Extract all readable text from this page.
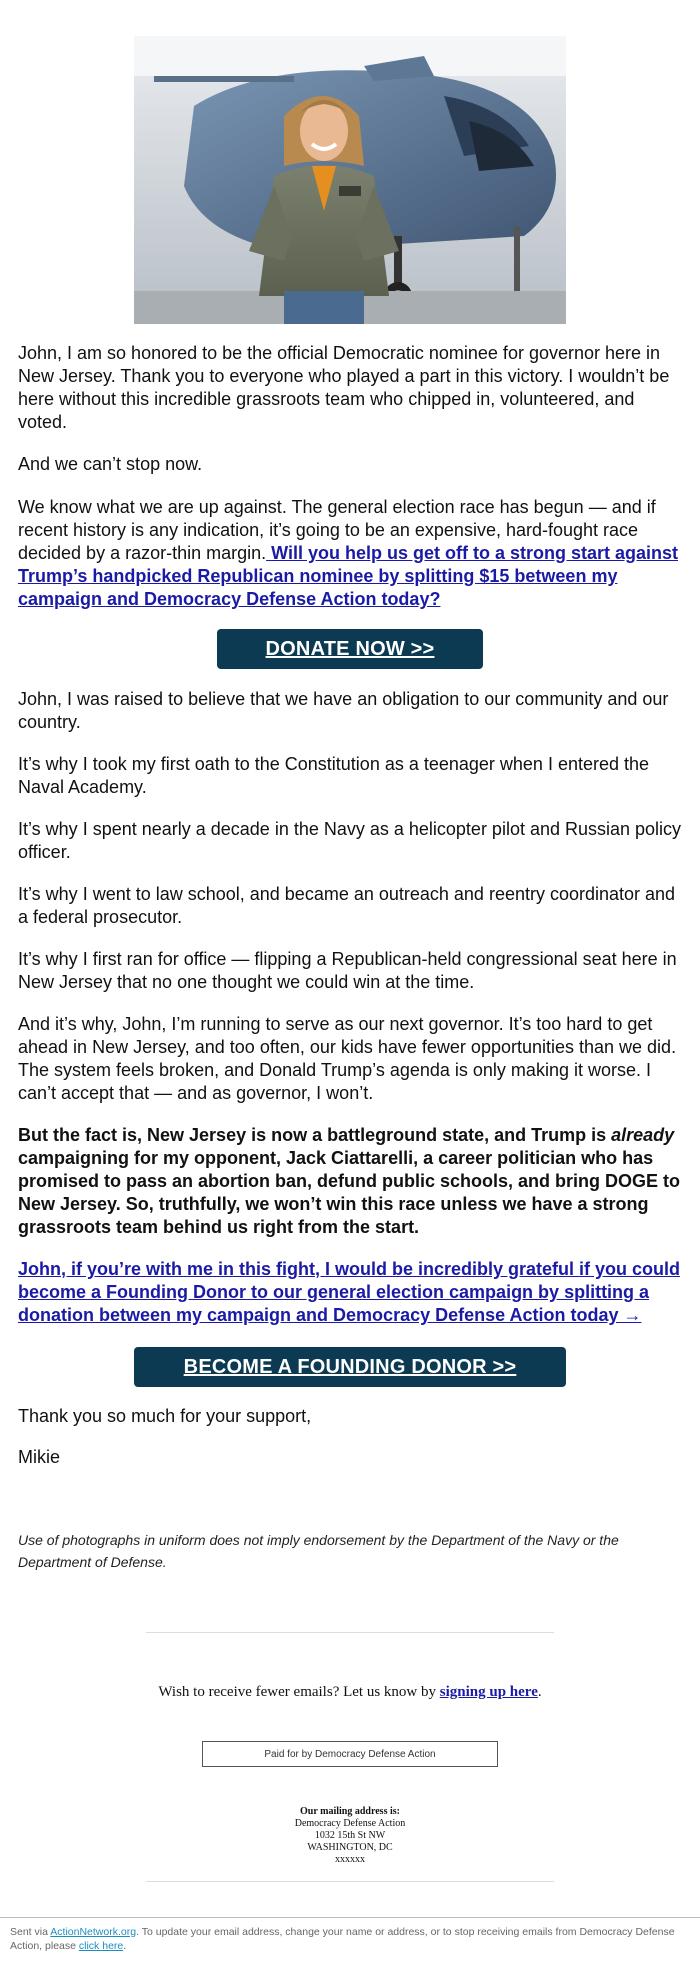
John, I am so honored to be the official Democratic nominee for governor here in New Jersey. Thank you to everyone who played a part in this victory. I wouldn’t be here without this incredible grassroots team who chipped in, volunteered, and voted.

And we can’t stop now.

We know what we are up against. The general election race has begun — and if recent history is any indication, it’s going to be an expensive, hard-fought race decided by a razor-thin margin. Will you help us get off to a strong start against Trump’s handpicked Republican nominee by splitting $15 between my campaign and Democracy Defense Action today?

DONATE NOW >>

John, I was raised to believe that we have an obligation to our community and our country.

It’s why I took my first oath to the Constitution as a teenager when I entered the Naval Academy.

It’s why I spent nearly a decade in the Navy as a helicopter pilot and Russian policy officer.

It’s why I went to law school, and became an outreach and reentry coordinator and a federal prosecutor.

It’s why I first ran for office — flipping a Republican-held congressional seat here in New Jersey that no one thought we could win at the time.

And it’s why, John, I’m running to serve as our next governor. It’s too hard to get ahead in New Jersey, and too often, our kids have fewer opportunities than we did. The system feels broken, and Donald Trump’s agenda is only making it worse. I can’t accept that — and as governor, I won’t.

But the fact is, New Jersey is now a battleground state, and Trump is already campaigning for my opponent, Jack Ciattarelli, a career politician who has promised to pass an abortion ban, defund public schools, and bring DOGE to New Jersey. So, truthfully, we won’t win this race unless we have a strong grassroots team behind us right from the start.

John, if you’re with me in this fight, I would be incredibly grateful if you could become a Founding Donor to our general election campaign by splitting a donation between my campaign and Democracy Defense Action today →

BECOME A FOUNDING DONOR >>

Thank you so much for your support,

Mikie

Use of photographs in uniform does not imply endorsement by the Department of the Navy or the Department of Defense.

Wish to receive fewer emails? Let us know by signing up here.
Paid for by Democracy Defense Action
Our mailing address is:
Democracy Defense Action
1032 15th St NW
WASHINGTON, DC
xxxxxx
Sent via ActionNetwork.org. To update your email address, change your name or address, or to stop receiving emails from Democracy Defense Action, please click here.
